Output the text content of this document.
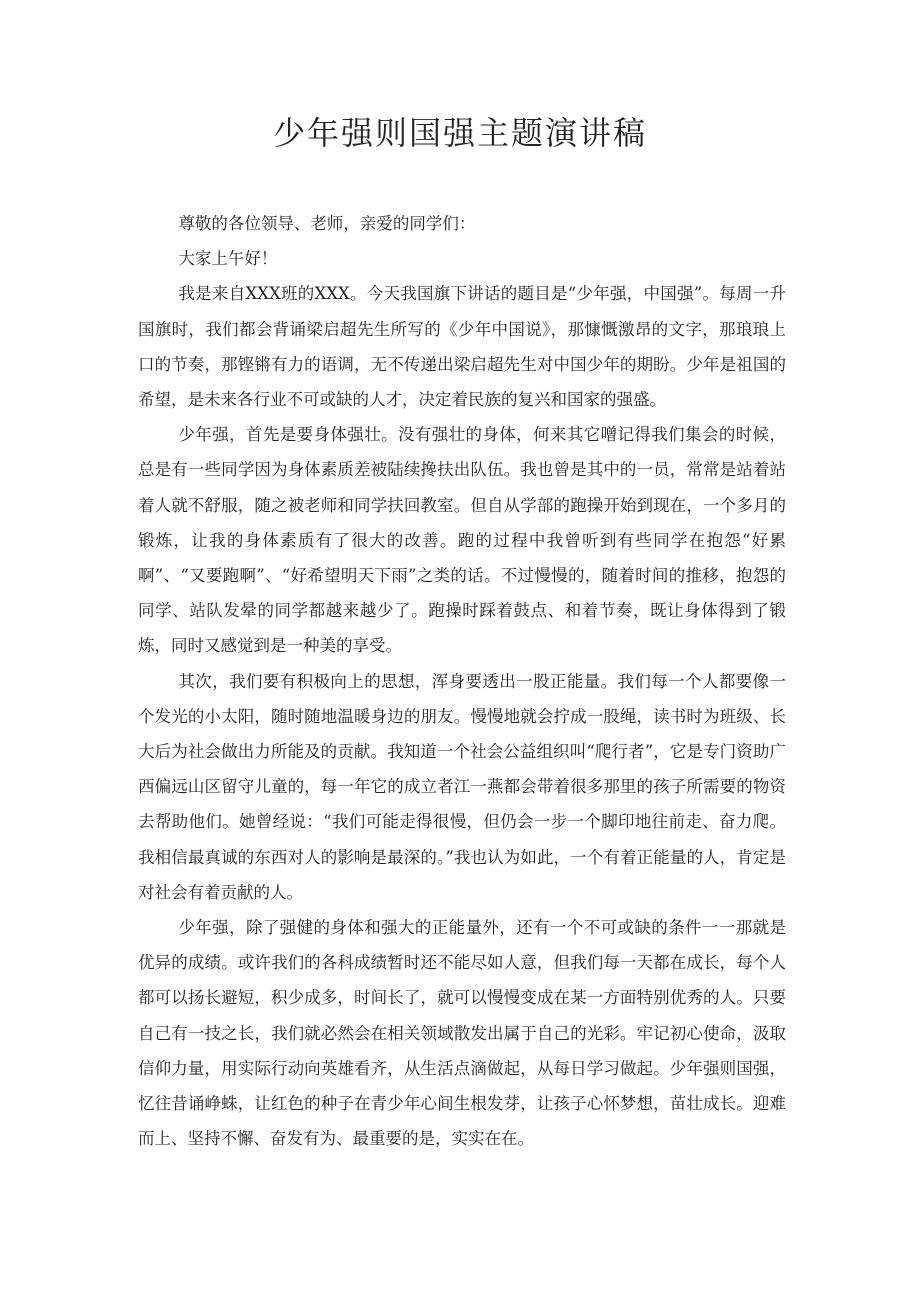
少年强则国强主题演讲稿

尊敬的各位领导、老师，亲爱的同学们：

大家上午好！

我是来自XXX班的XXX。今天我国旗下讲话的题目是“少年强，中国强”。每周一升国旗时，我们都会背诵梁启超先生所写的《少年中国说》，那慷慨激昂的文字，那琅琅上口的节奏，那铿锵有力的语调，无不传递出梁启超先生对中国少年的期盼。少年是祖国的希望，是未来各行业不可或缺的人才，决定着民族的复兴和国家的强盛。

少年强，首先是要身体强壮。没有强壮的身体，何来其它噌记得我们集会的时候，总是有一些同学因为身体素质差被陆续搀扶出队伍。我也曾是其中的一员，常常是站着站着人就不舒服，随之被老师和同学扶回教室。但自从学部的跑操开始到现在，一个多月的锻炼，让我的身体素质有了很大的改善。跑的过程中我曾听到有些同学在抱怨“好累啊”、“又要跑啊”、“好希望明天下雨”之类的话。不过慢慢的，随着时间的推移，抱怨的同学、站队发晕的同学都越来越少了。跑操时踩着鼓点、和着节奏，既让身体得到了锻炼，同时又感觉到是一种美的享受。

其次，我们要有积极向上的思想，浑身要透出一股正能量。我们每一个人都要像一个发光的小太阳，随时随地温暖身边的朋友。慢慢地就会拧成一股绳，读书时为班级、长大后为社会做出力所能及的贡献。我知道一个社会公益组织叫“爬行者”，它是专门资助广西偏远山区留守儿童的，每一年它的成立者江一燕都会带着很多那里的孩子所需要的物资去帮助他们。她曾经说：“我们可能走得很慢，但仍会一步一个脚印地往前走、奋力爬。我相信最真诚的东西对人的影响是最深的。”我也认为如此，一个有着正能量的人，肯定是对社会有着贡献的人。

少年强，除了强健的身体和强大的正能量外，还有一个不可或缺的条件一一那就是优异的成绩。或许我们的各科成绩暂时还不能尽如人意，但我们每一天都在成长，每个人都可以扬长避短，积少成多，时间长了，就可以慢慢变成在某一方面特别优秀的人。只要自己有一技之长，我们就必然会在相关领域散发出属于自己的光彩。牢记初心使命，汲取信仰力量，用实际行动向英雄看齐，从生活点滴做起，从每日学习做起。少年强则国强，忆往昔诵峥蛛，让红色的种子在青少年心间生根发芽，让孩子心怀梦想，苗壮成长。迎难而上、坚持不懈、奋发有为、最重要的是，实实在在。
